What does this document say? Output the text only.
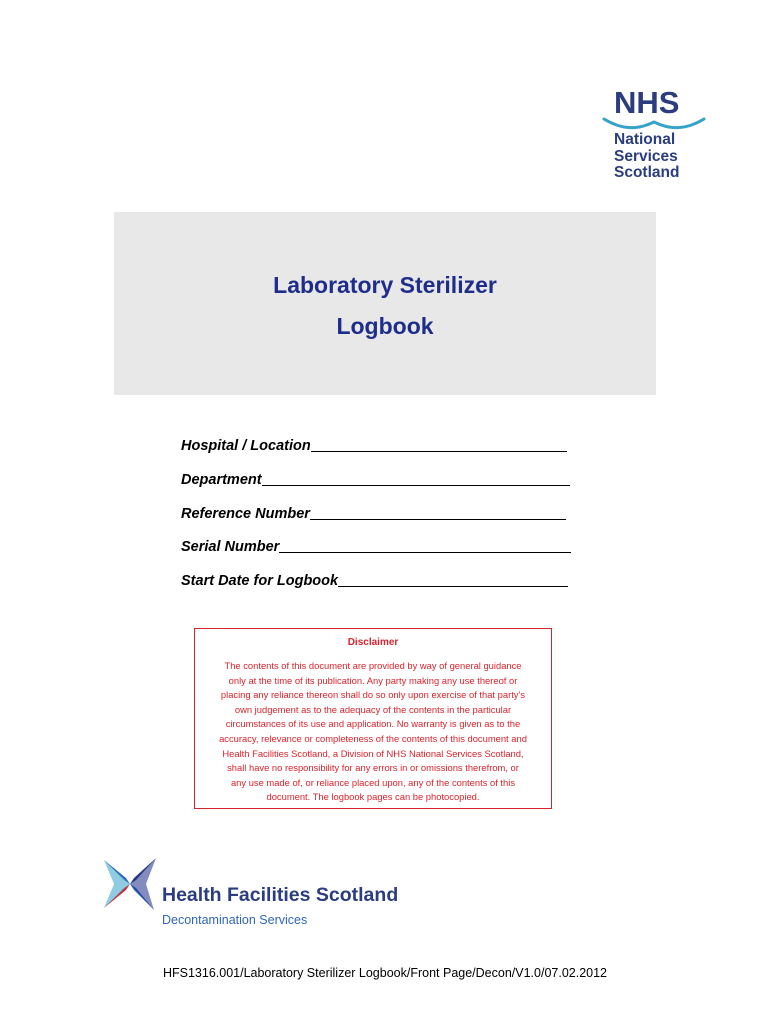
NHS
National
Services
Scotland
Laboratory Sterilizer
Logbook
Hospital / Location
Department
Reference Number
Serial Number
Start Date for Logbook
Disclaimer
The contents of this document are provided by way of general guidance
only at the time of its publication. Any party making any use thereof or
placing any reliance thereon shall do so only upon exercise of that party’s
own judgement as to the adequacy of the contents in the particular
circumstances of its use and application. No warranty is given as to the
accuracy, relevance or completeness of the contents of this document and
Health Facilities Scotland, a Division of NHS National Services Scotland,
shall have no responsibility for any errors in or omissions therefrom, or
any use made of, or reliance placed upon, any of the contents of this
document. The logbook pages can be photocopied.
Health Facilities Scotland
Decontamination Services
HFS1316.001/Laboratory Sterilizer Logbook/Front Page/Decon/V1.0/07.02.2012
